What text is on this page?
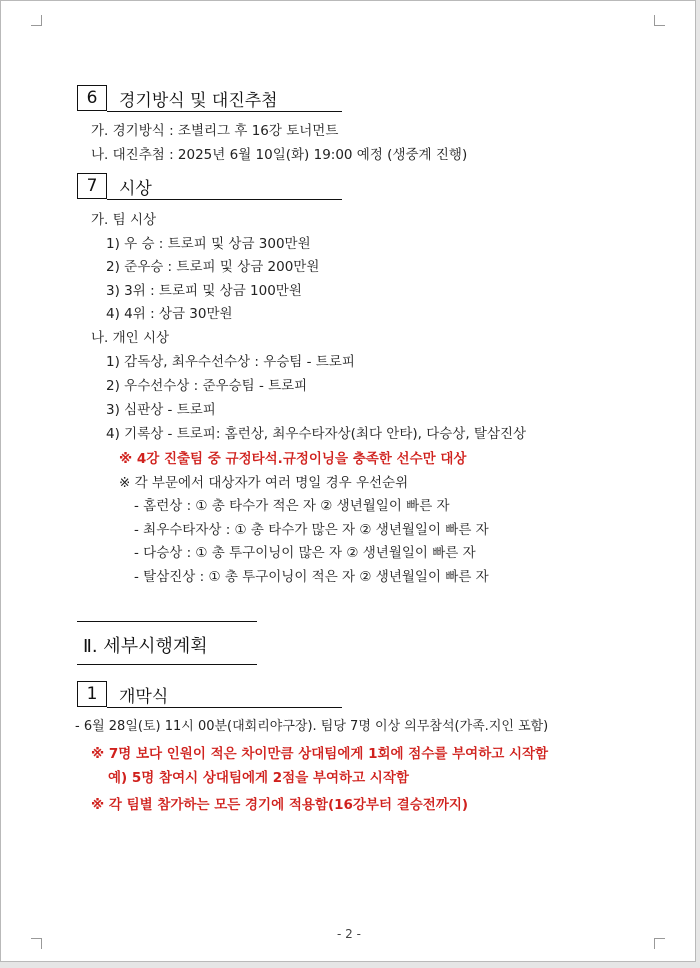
6	경기방식 및 대진추첨
가. 경기방식 : 조별리그 후 16강 토너먼트
나. 대진추첨 : 2025년 6월 10일(화) 19:00 예정 (생중계 진행)
7	시상
가. 팀 시상
1) 우 승 : 트로피 및 상금 300만원
2) 준우승 : 트로피 및 상금 200만원
3) 3위 : 트로피 및 상금 100만원
4) 4위 : 상금 30만원
나. 개인 시상
1) 감독상, 최우수선수상 : 우승팀 - 트로피
2) 우수선수상 : 준우승팀 - 트로피
3) 심판상 - 트로피
4) 기록상 - 트로피: 홈런상, 최우수타자상(최다 안타), 다승상, 탈삼진상
※ 4강 진출팀 중 규정타석.규정이닝을 충족한 선수만 대상
※ 각 부문에서 대상자가 여러 명일 경우 우선순위
- 홈런상 : ① 총 타수가 적은 자 ② 생년월일이 빠른 자
- 최우수타자상 : ① 총 타수가 많은 자 ② 생년월일이 빠른 자
- 다승상 : ① 총 투구이닝이 많은 자 ② 생년월일이 빠른 자
- 탈삼진상 : ① 총 투구이닝이 적은 자 ② 생년월일이 빠른 자
Ⅱ. 세부시행계획
1	개막식
- 6월 28일(토) 11시 00분(대회리야구장). 팀당 7명 이상 의무참석(가족.지인 포함)
※ 7명 보다 인원이 적은 차이만큼 상대팀에게 1회에 점수를 부여하고 시작함
예) 5명 참여시 상대팀에게 2점을 부여하고 시작함
※ 각 팀별 참가하는 모든 경기에 적용함(16강부터 결승전까지)
- 2 -
